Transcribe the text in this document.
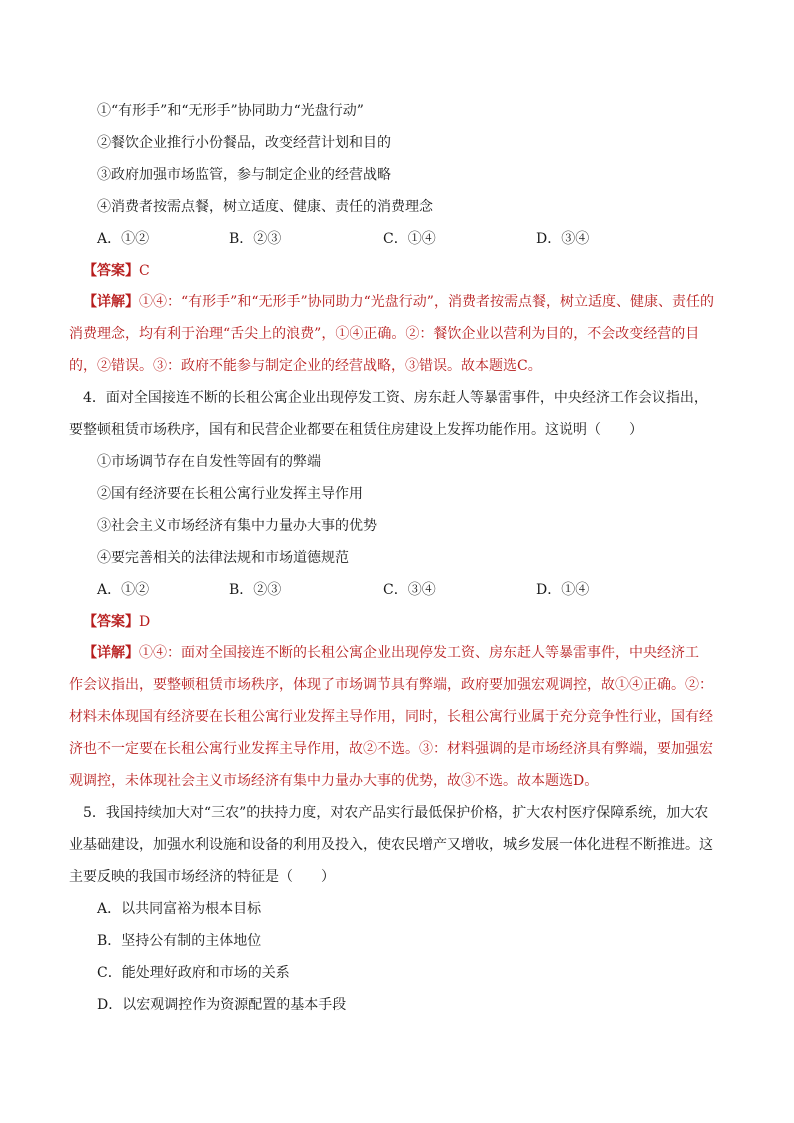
①“有形手”和“无形手”协同助力“光盘行动”
②餐饮企业推行小份餐品，改变经营计划和目的
③政府加强市场监管，参与制定企业的经营战略
④消费者按需点餐，树立适度、健康、责任的消费理念
A．①②	B．②③	C．①④	D．③④
【答案】C
【详解】①④：“有形手”和“无形手”协同助力“光盘行动”，消费者按需点餐，树立适度、健康、责任的
消费理念，均有利于治理“舌尖上的浪费”，①④正确。②：餐饮企业以营利为目的，不会改变经营的目
的，②错误。③：政府不能参与制定企业的经营战略，③错误。故本题选C。
4．面对全国接连不断的长租公寓企业出现停发工资、房东赶人等暴雷事件，中央经济工作会议指出，
要整顿租赁市场秩序，国有和民营企业都要在租赁住房建设上发挥功能作用。这说明（　　）
①市场调节存在自发性等固有的弊端
②国有经济要在长租公寓行业发挥主导作用
③社会主义市场经济有集中力量办大事的优势
④要完善相关的法律法规和市场道德规范
A．①②	B．②③	C．③④	D．①④
【答案】D
【详解】①④：面对全国接连不断的长租公寓企业出现停发工资、房东赶人等暴雷事件，中央经济工
作会议指出，要整顿租赁市场秩序，体现了市场调节具有弊端，政府要加强宏观调控，故①④正确。②：
材料未体现国有经济要在长租公寓行业发挥主导作用，同时，长租公寓行业属于充分竞争性行业，国有经
济也不一定要在长租公寓行业发挥主导作用，故②不选。③：材料强调的是市场经济具有弊端，要加强宏
观调控，未体现社会主义市场经济有集中力量办大事的优势，故③不选。故本题选D。
5．我国持续加大对“三农”的扶持力度，对农产品实行最低保护价格，扩大农村医疗保障系统，加大农
业基础建设，加强水利设施和设备的利用及投入，使农民增产又增收，城乡发展一体化进程不断推进。这
主要反映的我国市场经济的特征是（　　）
A．以共同富裕为根本目标
B．坚持公有制的主体地位
C．能处理好政府和市场的关系
D．以宏观调控作为资源配置的基本手段
